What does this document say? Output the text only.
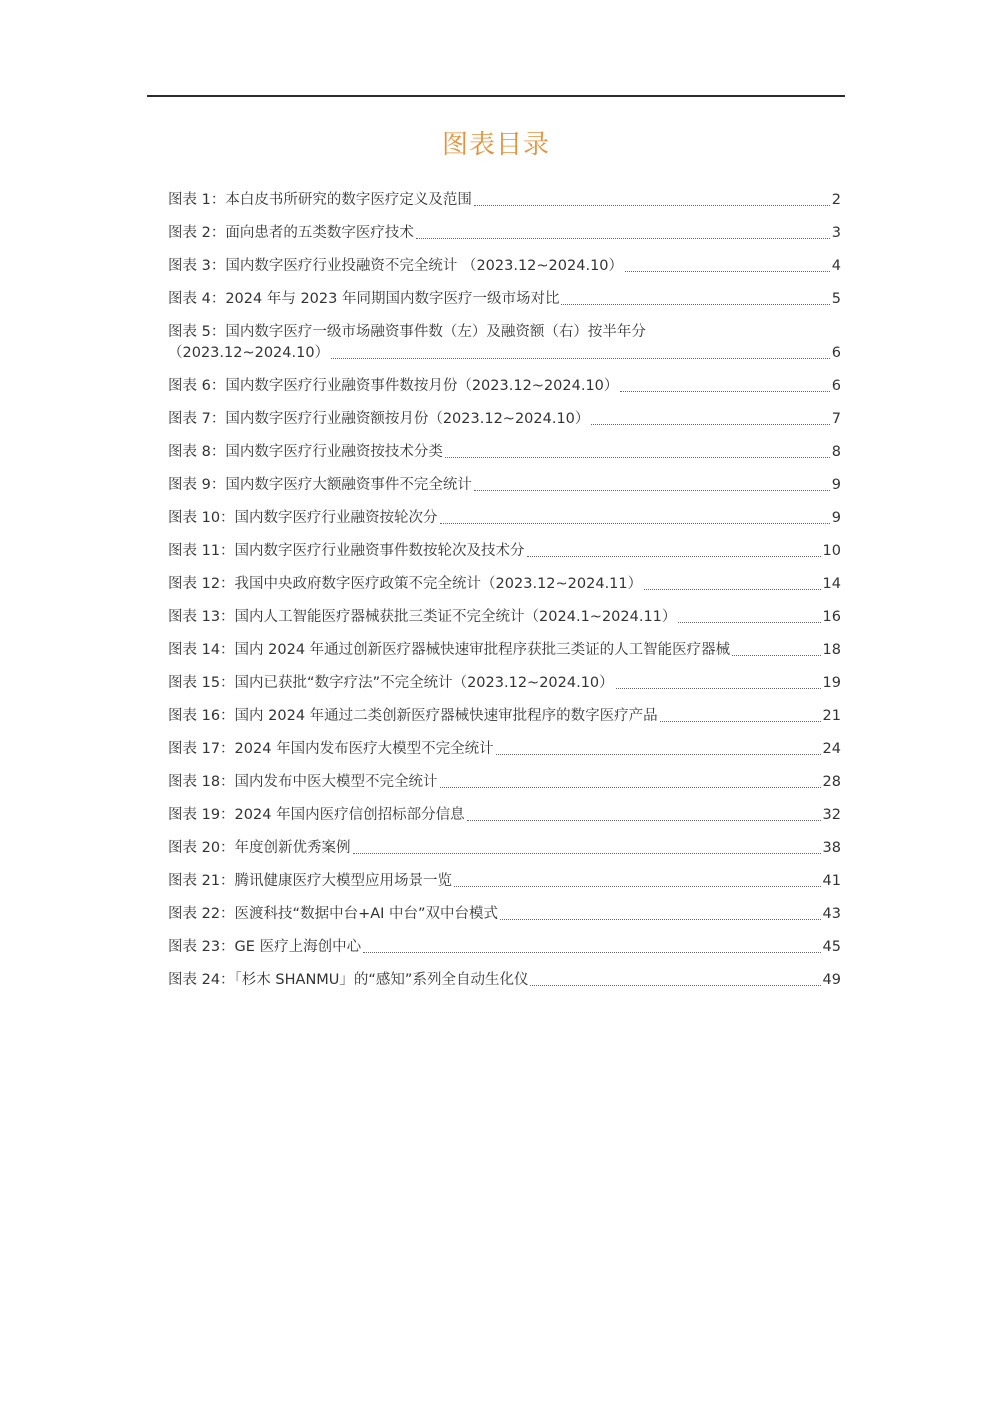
图表目录
图表 1：本白皮书所研究的数字医疗定义及范围	2
图表 2：面向患者的五类数字医疗技术	3
图表 3：国内数字医疗行业投融资不完全统计 （2023.12~2024.10）	4
图表 4：2024 年与 2023 年同期国内数字医疗一级市场对比	5
图表 5：国内数字医疗一级市场融资事件数（左）及融资额（右）按半年分
（2023.12~2024.10）	6
图表 6：国内数字医疗行业融资事件数按月份（2023.12~2024.10）	6
图表 7：国内数字医疗行业融资额按月份（2023.12~2024.10）	7
图表 8：国内数字医疗行业融资按技术分类	8
图表 9：国内数字医疗大额融资事件不完全统计	9
图表 10：国内数字医疗行业融资按轮次分	9
图表 11：国内数字医疗行业融资事件数按轮次及技术分	10
图表 12：我国中央政府数字医疗政策不完全统计（2023.12~2024.11）	14
图表 13：国内人工智能医疗器械获批三类证不完全统计（2024.1~2024.11）	16
图表 14：国内 2024 年通过创新医疗器械快速审批程序获批三类证的人工智能医疗器械	18
图表 15：国内已获批“数字疗法”不完全统计（2023.12~2024.10）	19
图表 16：国内 2024 年通过二类创新医疗器械快速审批程序的数字医疗产品	21
图表 17：2024 年国内发布医疗大模型不完全统计	24
图表 18：国内发布中医大模型不完全统计	28
图表 19：2024 年国内医疗信创招标部分信息	32
图表 20：年度创新优秀案例	38
图表 21：腾讯健康医疗大模型应用场景一览	41
图表 22：医渡科技“数据中台+AI 中台”双中台模式	43
图表 23：GE 医疗上海创中心	45
图表 24：「杉木 SHANMU」的“感知”系列全自动生化仪	49
